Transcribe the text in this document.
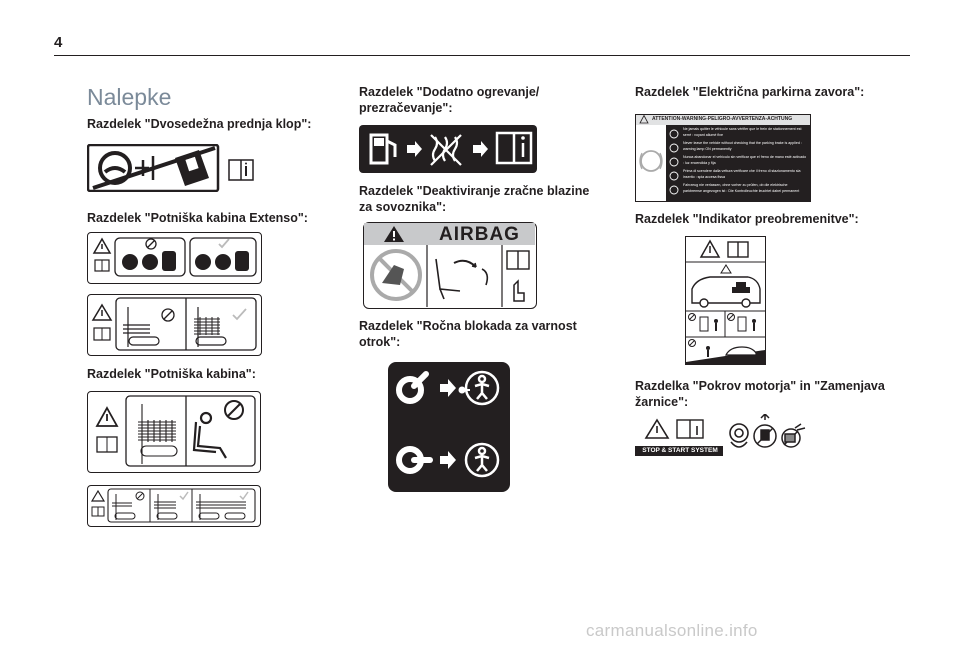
4
Nalepke
Razdelek "Dvosedežna prednja klop":
Razdelek "Potniška kabina Extenso":
Razdelek "Potniška kabina":
Razdelek "Dodatno ogrevanje/ prezračevanje":
Razdelek "Deaktiviranje zračne blazine za sovoznika":
AIRBAG
Razdelek "Ročna blokada za varnost otrok":
Razdelek "Električna parkirna zavora":
ATTENTION-WARNING-PELIGRO-AVVERTENZA-ACHTUNG
Ne jamais quitter le véhicule sans vérifier que le frein de stationnement est serré : voyant allumé fixe
Never leave the vehicle without checking that the parking brake is applied : warning lamp ON permanently
Nunca abandonar el vehículo sin verificar que el freno de mano esté activado : luz encendida y fija
Prima di scendere dalla vettura verificare che il freno di stazionamento sia inserito : spia accesa fissa
Fahrzeug nie verlassen, ohne vorher zu prüfen, ob die elektrische parkbremse angezogen ist : Die Kontrolleuchte leuchtet dabei permanent
Razdelek "Indikator preobremenitve":
Razdelka "Pokrov motorja" in "Zamenjava žarnice":
STOP & START SYSTEM
carmanualsonline.info
